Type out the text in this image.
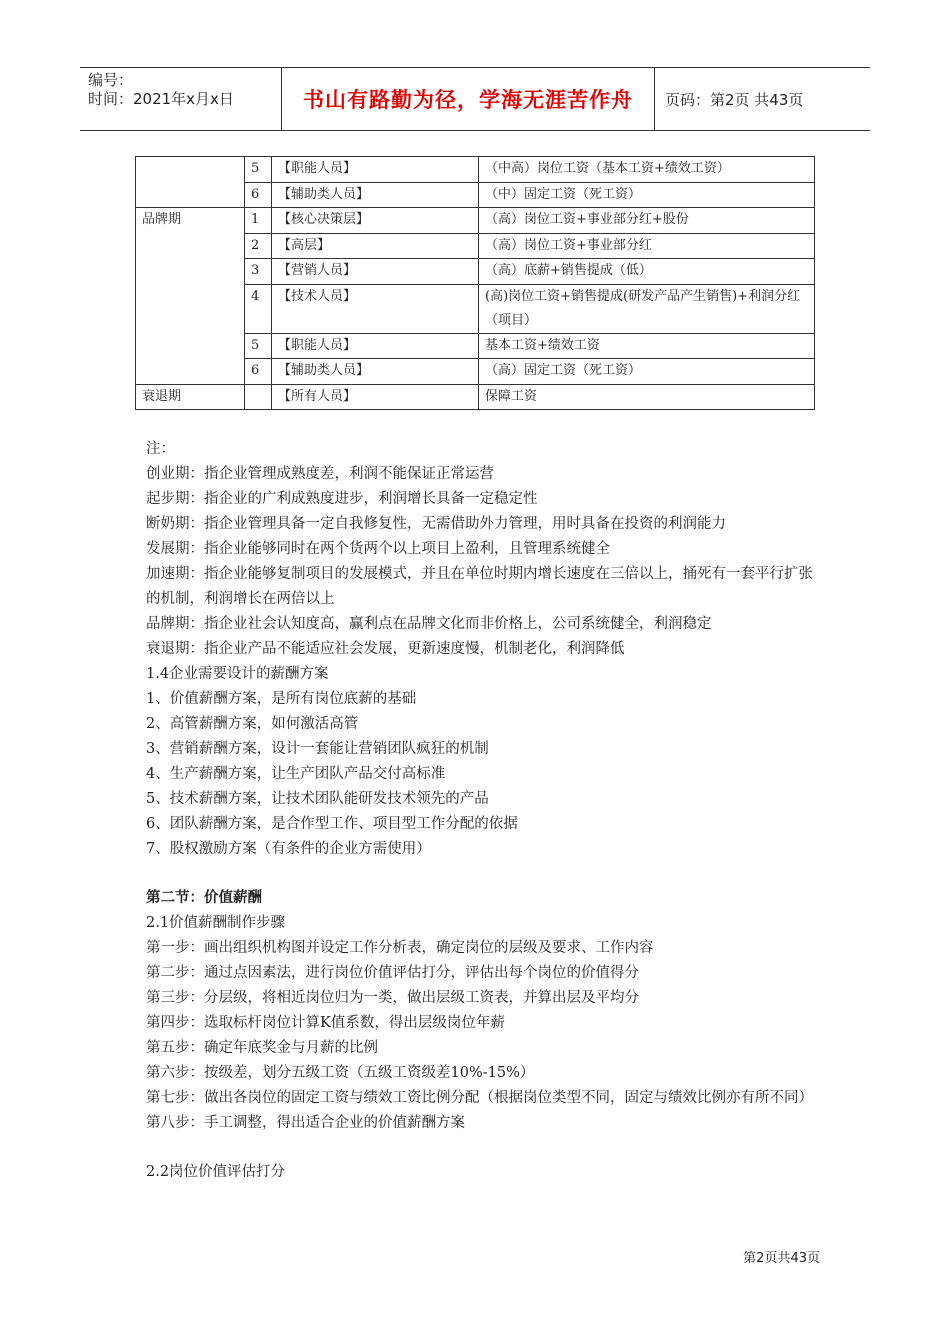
编号：
时间：2021年x月x日	书山有路勤为径，学海无涯苦作舟	页码：第2页 共43页
	5	【职能人员】	（中高）岗位工资（基本工资+绩效工资）
	6	【辅助类人员】	（中）固定工资（死工资）
品牌期	1	【核心决策层】	（高）岗位工资+事业部分红+股份
	2	【高层】	（高）岗位工资+事业部分红
	3	【营销人员】	（高）底薪+销售提成（低）
	4	【技术人员】	(高)岗位工资+销售提成(研发产品产生销售)+利润分红（项目）
	5	【职能人员】	基本工资+绩效工资
	6	【辅助类人员】	（高）固定工资（死工资）
衰退期		【所有人员】	保障工资

注：

创业期：指企业管理成熟度差，利润不能保证正常运营

起步期：指企业的广利成熟度进步，利润增长具备一定稳定性

断奶期：指企业管理具备一定自我修复性，无需借助外力管理，用时具备在投资的利润能力

发展期：指企业能够同时在两个货两个以上项目上盈利，且管理系统健全

加速期：指企业能够复制项目的发展模式，并且在单位时期内增长速度在三倍以上，捅死有一套平行扩张的机制，利润增长在两倍以上

品牌期：指企业社会认知度高，赢利点在品牌文化而非价格上，公司系统健全，利润稳定

衰退期：指企业产品不能适应社会发展，更新速度慢，机制老化，利润降低

1.4企业需要设计的薪酬方案

1、价值薪酬方案，是所有岗位底薪的基础

2、高管薪酬方案，如何激活高管

3、营销薪酬方案，设计一套能让营销团队疯狂的机制

4、生产薪酬方案，让生产团队产品交付高标准

5、技术薪酬方案，让技术团队能研发技术领先的产品

6、团队薪酬方案，是合作型工作、项目型工作分配的依据

7、股权激励方案（有条件的企业方需使用）

第二节：价值薪酬

2.1价值薪酬制作步骤

第一步：画出组织机构图并设定工作分析表，确定岗位的层级及要求、工作内容

第二步：通过点因素法，进行岗位价值评估打分，评估出每个岗位的价值得分

第三步：分层级，将相近岗位归为一类，做出层级工资表，并算出层及平均分

第四步：选取标杆岗位计算K值系数，得出层级岗位年薪

第五步：确定年底奖金与月薪的比例

第六步：按级差，划分五级工资（五级工资级差10%-15%）

第七步：做出各岗位的固定工资与绩效工资比例分配（根据岗位类型不同，固定与绩效比例亦有所不同）

第八步：手工调整，得出适合企业的价值薪酬方案

2.2岗位价值评估打分

第2页共43页
